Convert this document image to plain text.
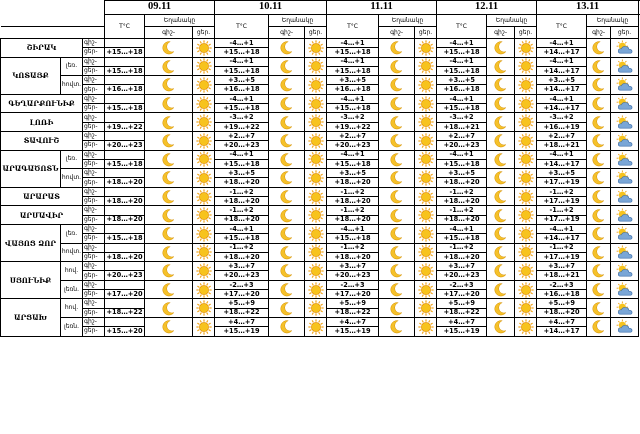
			09.11			10.11			11.11			12.11			13.11	
			T°C	Եղանակը		T°C	Եղանակը		T°C	Եղանակը		T°C	Եղանակը		T°C	Եղանակը		
				գիշ-	ցեր.		գիշ-	ցեր.		գիշ-	ցեր.		գիշ-	ցեր.		գիշ-	ցեր.		
ՇԻՐԱԿ		գիշ-				-4…+1			-4…+1			-4…+1			-4…+1	

		ցեր-	+15…+18			+15…+18			+15…+18			+15…+18			+14…+17	
ԿՈՏԱՅՔ	լեռ.	գիշ-				-4…+1			-4…+1			-4…+1			-4…+1	

		ցեր-	+15…+18			+15…+18			+15…+18			+15…+18			+14…+17	
	հովտ.	գիշ-				+3…+5			+3…+5			+3…+5			+3…+5	

		ցեր-	+16…+18			+16…+18			+16…+18			+16…+18			+14…+17	
ԳԵՂԱՐՔՈՒՆԻՔ		գիշ-				-4…+1			-4…+1			-4…+1			-4…+1	

		ցեր-	+15…+18			+15…+18			+15…+18			+15…+18			+14…+17	
ԼՈՌԻ		գիշ-				-3…+2			-3…+2			-3…+2			-3…+2	

		ցեր-	+19…+22			+19…+22			+19…+22			+18…+21			+16…+19	
ՏԱՎՈՒՇ		գիշ-				+2…+7			+2…+7			+2…+7			+2…+7	

		ցեր-	+20…+23			+20…+23			+20…+23			+20…+23			+18…+21	
ԱՐԱԳԱԾՈՏՆ	լեռ.	գիշ-				-4…+1			-4…+1			-4…+1			-4…+1	

		ցեր-	+15…+18			+15…+18			+15…+18			+15…+18			+14…+17	
	հովտ.	գիշ-				+3…+5			+3…+5			+3…+5			+3…+5	

		ցեր-	+18…+20			+18…+20			+18…+20			+18…+20			+17…+19	
ԱՐԱՐԱՏ		գիշ-				-1…+2			-1…+2			-1…+2			-1…+2	

		ցեր-	+18…+20			+18…+20			+18…+20			+18…+20			+17…+19	
ԱՐՄԱՎԻՐ		գիշ-				-1…+2			-1…+2			-1…+2			-1…+2	

		ցեր-	+18…+20			+18…+20			+18…+20			+18…+20			+17…+19	
ՎԱՅՈՑ ՁՈՐ	լեռ.	գիշ-				-4…+1			-4…+1			-4…+1			-4…+1	

		ցեր-	+15…+18			+15…+18			+15…+18			+15…+18			+14…+17	
	հովտ.	գիշ-				-1…+2			-1…+2			-1…+2			-1…+2	

		ցեր-	+18…+20			+18…+20			+18…+20			+18…+20			+17…+19	
ՍՅՈՒՆԻՔ	հով.	գիշ-				+3…+7			+3…+7			+3…+7			+3…+7	

		ցեր-	+20…+23			+20…+23			+20…+23			+20…+23			+18…+21	
	լեռն.	գիշ-				-2…+3			-2…+3			-2…+3			-2…+3	

		ցեր-	+17…+20			+17…+20			+17…+20			+17…+20			+16…+18	
ԱՐՑԱԽ	հով.	գիշ-				+5…+9			+5…+9			+5…+9			+5…+9	

		ցեր-	+18…+22			+18…+22			+18…+22			+18…+22			+18…+20	
	լեռն.	գիշ-				+4…+7			+4…+7			+4…+7			+4…+7	

		ցեր-	+15…+20			+15…+19			+15…+19			+15…+19			+14…+17	
